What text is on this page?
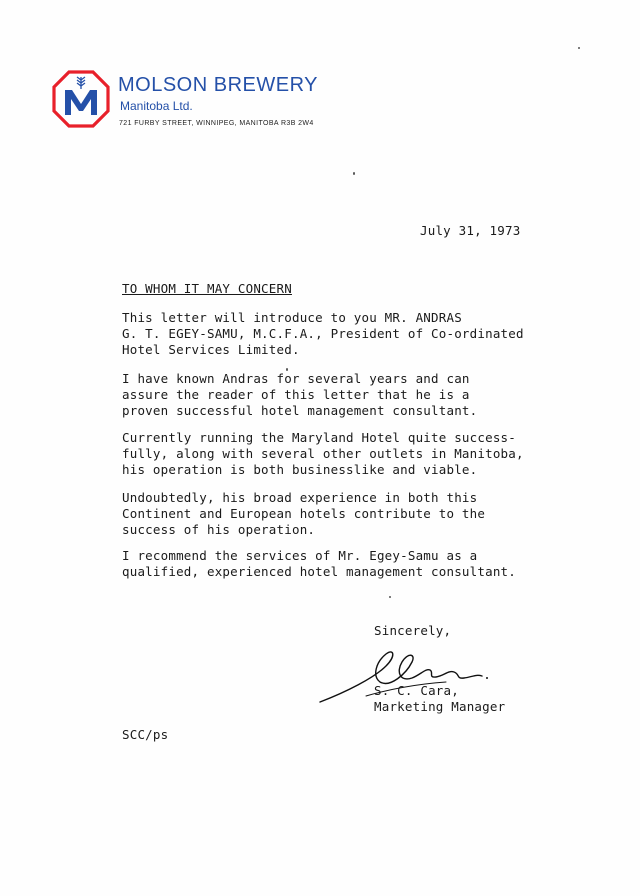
MOLSON BREWERY
Manitoba Ltd.
721 FURBY STREET, WINNIPEG, MANITOBA R3B 2W4
July 31, 1973
TO WHOM IT MAY CONCERN
This letter will introduce to you MR. ANDRAS
G. T. EGEY-SAMU, M.C.F.A., President of Co-ordinated
Hotel Services Limited.
I have known Andras for several years and can
assure the reader of this letter that he is a
proven successful hotel management consultant.
Currently running the Maryland Hotel quite success-
fully, along with several other outlets in Manitoba,
his operation is both businesslike and viable.
Undoubtedly, his broad experience in both this
Continent and European hotels contribute to the
success of his operation.
I recommend the services of Mr. Egey-Samu as a
qualified, experienced hotel management consultant.
Sincerely,
S. C. Cara,
Marketing Manager
SCC/ps
